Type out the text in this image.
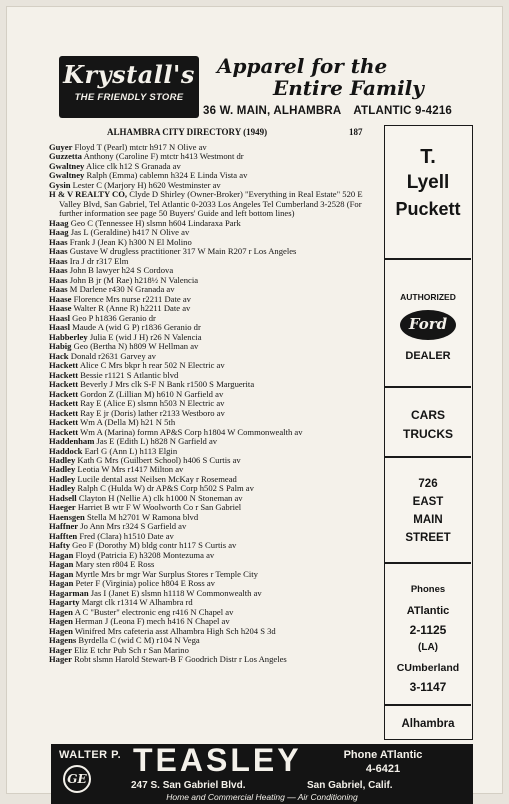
Krystall's
THE FRIENDLY STORE
Apparel for the
Entire Family
36 W. MAIN, ALHAMBRA ATLANTIC 9-4216
ALHAMBRA CITY DIRECTORY (1949)	187
Guyer Floyd T (Pearl) mtctr h917 N Olive av
Guzzetta Anthony (Caroline F) mtctr h413 Westmont dr
Gwaltney Alice clk h12 S Granada av
Gwaltney Ralph (Emma) cablemn h324 E Linda Vista av
Gysin Lester C (Marjory H) h620 Westminster av
H & V REALTY CO, Clyde D Shirley (Owner-Broker) "Everything in Real Estate" 520 E Valley Blvd, San Gabriel, Tel Atlantic 0-2033 Los Angeles Tel Cumberland 3-2528 (For further information see page 50 Buyers' Guide and left bottom lines)
Haag Geo C (Tennessee H) slsmn h604 Lindaraxa Park
Haag Jas L (Geraldine) h417 N Olive av
Haas Frank J (Jean K) h300 N El Molino
Haas Gustave W drugless practitioner 317 W Main R207 r Los Angeles
Haas Ira J dr r317 Elm
Haas John B lawyer h24 S Cordova
Haas John B jr (M Rae) h218½ N Valencia
Haas M Darlene r430 N Granada av
Haase Florence Mrs nurse r2211 Date av
Haase Walter R (Anne R) h2211 Date av
Haasl Geo P h1836 Geranio dr
Haasl Maude A (wid G P) r1836 Geranio dr
Habberley Julia E (wid J H) r26 N Valencia
Habig Geo (Bertha N) h809 W Hellman av
Hack Donald r2631 Garvey av
Hackett Alice C Mrs bkpr h rear 502 N Electric av
Hackett Bessie r1121 S Atlantic blvd
Hackett Beverly J Mrs clk S-F N Bank r1500 S Marguerita
Hackett Gordon Z (Lillian M) h610 N Garfield av
Hackett Ray E (Alice E) slsmn h503 N Electric av
Hackett Ray E jr (Doris) lather r2133 Westboro av
Hackett Wm A (Della M) h21 N 5th
Hackett Wm A (Marina) formn AP&S Corp h1804 W Commonwealth av
Haddenham Jas E (Edith L) h828 N Garfield av
Haddock Earl G (Ann L) h113 Elgin
Hadley Kath G Mrs (Guilbert School) h406 S Curtis av
Hadley Leotia W Mrs r1417 Milton av
Hadley Lucile dental asst Neilsen McKay r Rosemead
Hadley Ralph C (Hulda W) dr AP&S Corp h502 S Palm av
Hadsell Clayton H (Nellie A) clk h1000 N Stoneman av
Haeger Harriet B wtr F W Woolworth Co r San Gabriel
Haensgen Stella M h2701 W Ramona blvd
Haffner Jo Ann Mrs r324 S Garfield av
Hafften Fred (Clara) h1510 Date av
Hafty Geo F (Dorothy M) bldg contr h117 S Curtis av
Hagan Floyd (Patricia E) h3208 Montezuma av
Hagan Mary sten r804 E Ross
Hagan Myrtle Mrs br mgr War Surplus Stores r Temple City
Hagan Peter F (Virginia) police h804 E Ross av
Hagarman Jas I (Janet E) slsmn h1118 W Commonwealth av
Hagarty Margt clk r1314 W Alhambra rd
Hagen A C "Buster" electronic eng r416 N Chapel av
Hagen Herman J (Leona F) mech h416 N Chapel av
Hagen Winifred Mrs cafeteria asst Alhambra High Sch h204 S 3d
Hagens Byrdella C (wid C M) r104 N Vega
Hager Eliz E tchr Pub Sch r San Marino
Hager Robt slsmn Harold Stewart-B F Goodrich Distr r Los Angeles
T.
Lyell
Puckett
AUTHORIZED
Ford
DEALER
CARS
TRUCKS
726
EAST
MAIN
STREET
Phones
ATlantic
2-1125
(LA)
CUmberland
3-1147
Alhambra
WALTER P.
GE
TEASLEY	Phone ATlantic
4-6421
247 S. San Gabriel Blvd.	San Gabriel, Calif.
Home and Commercial Heating — Air Conditioning
